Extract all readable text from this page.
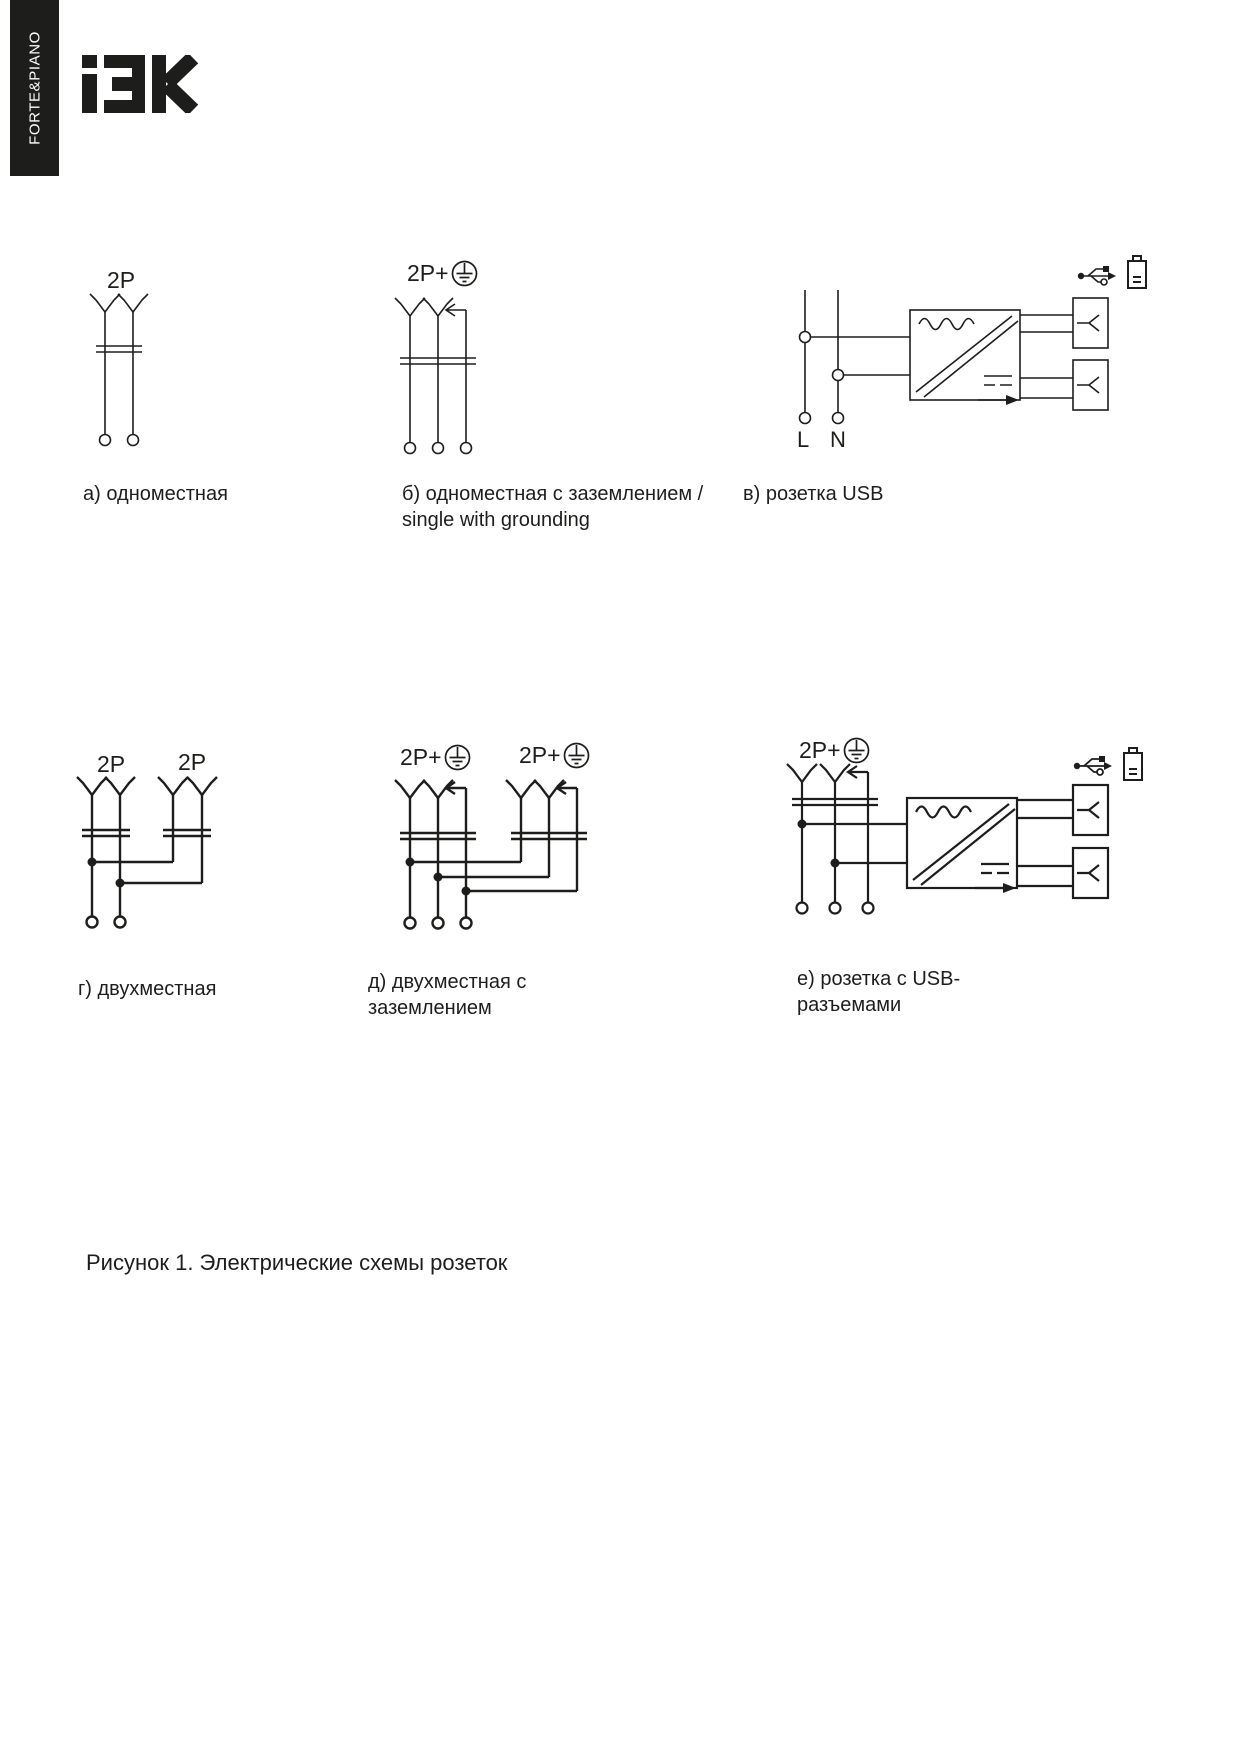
FORTE&PIANO
2P	2P+
2P 2P	2P+	2P+	2P+
L N
а) одноместная	б) одноместная с заземлением /
single with grounding
в) розетка USB
г) двухместная	д) двухместная с
заземлением
е) розетка с USB-
разъемами
Рисунок 1. Электрические схемы розеток
